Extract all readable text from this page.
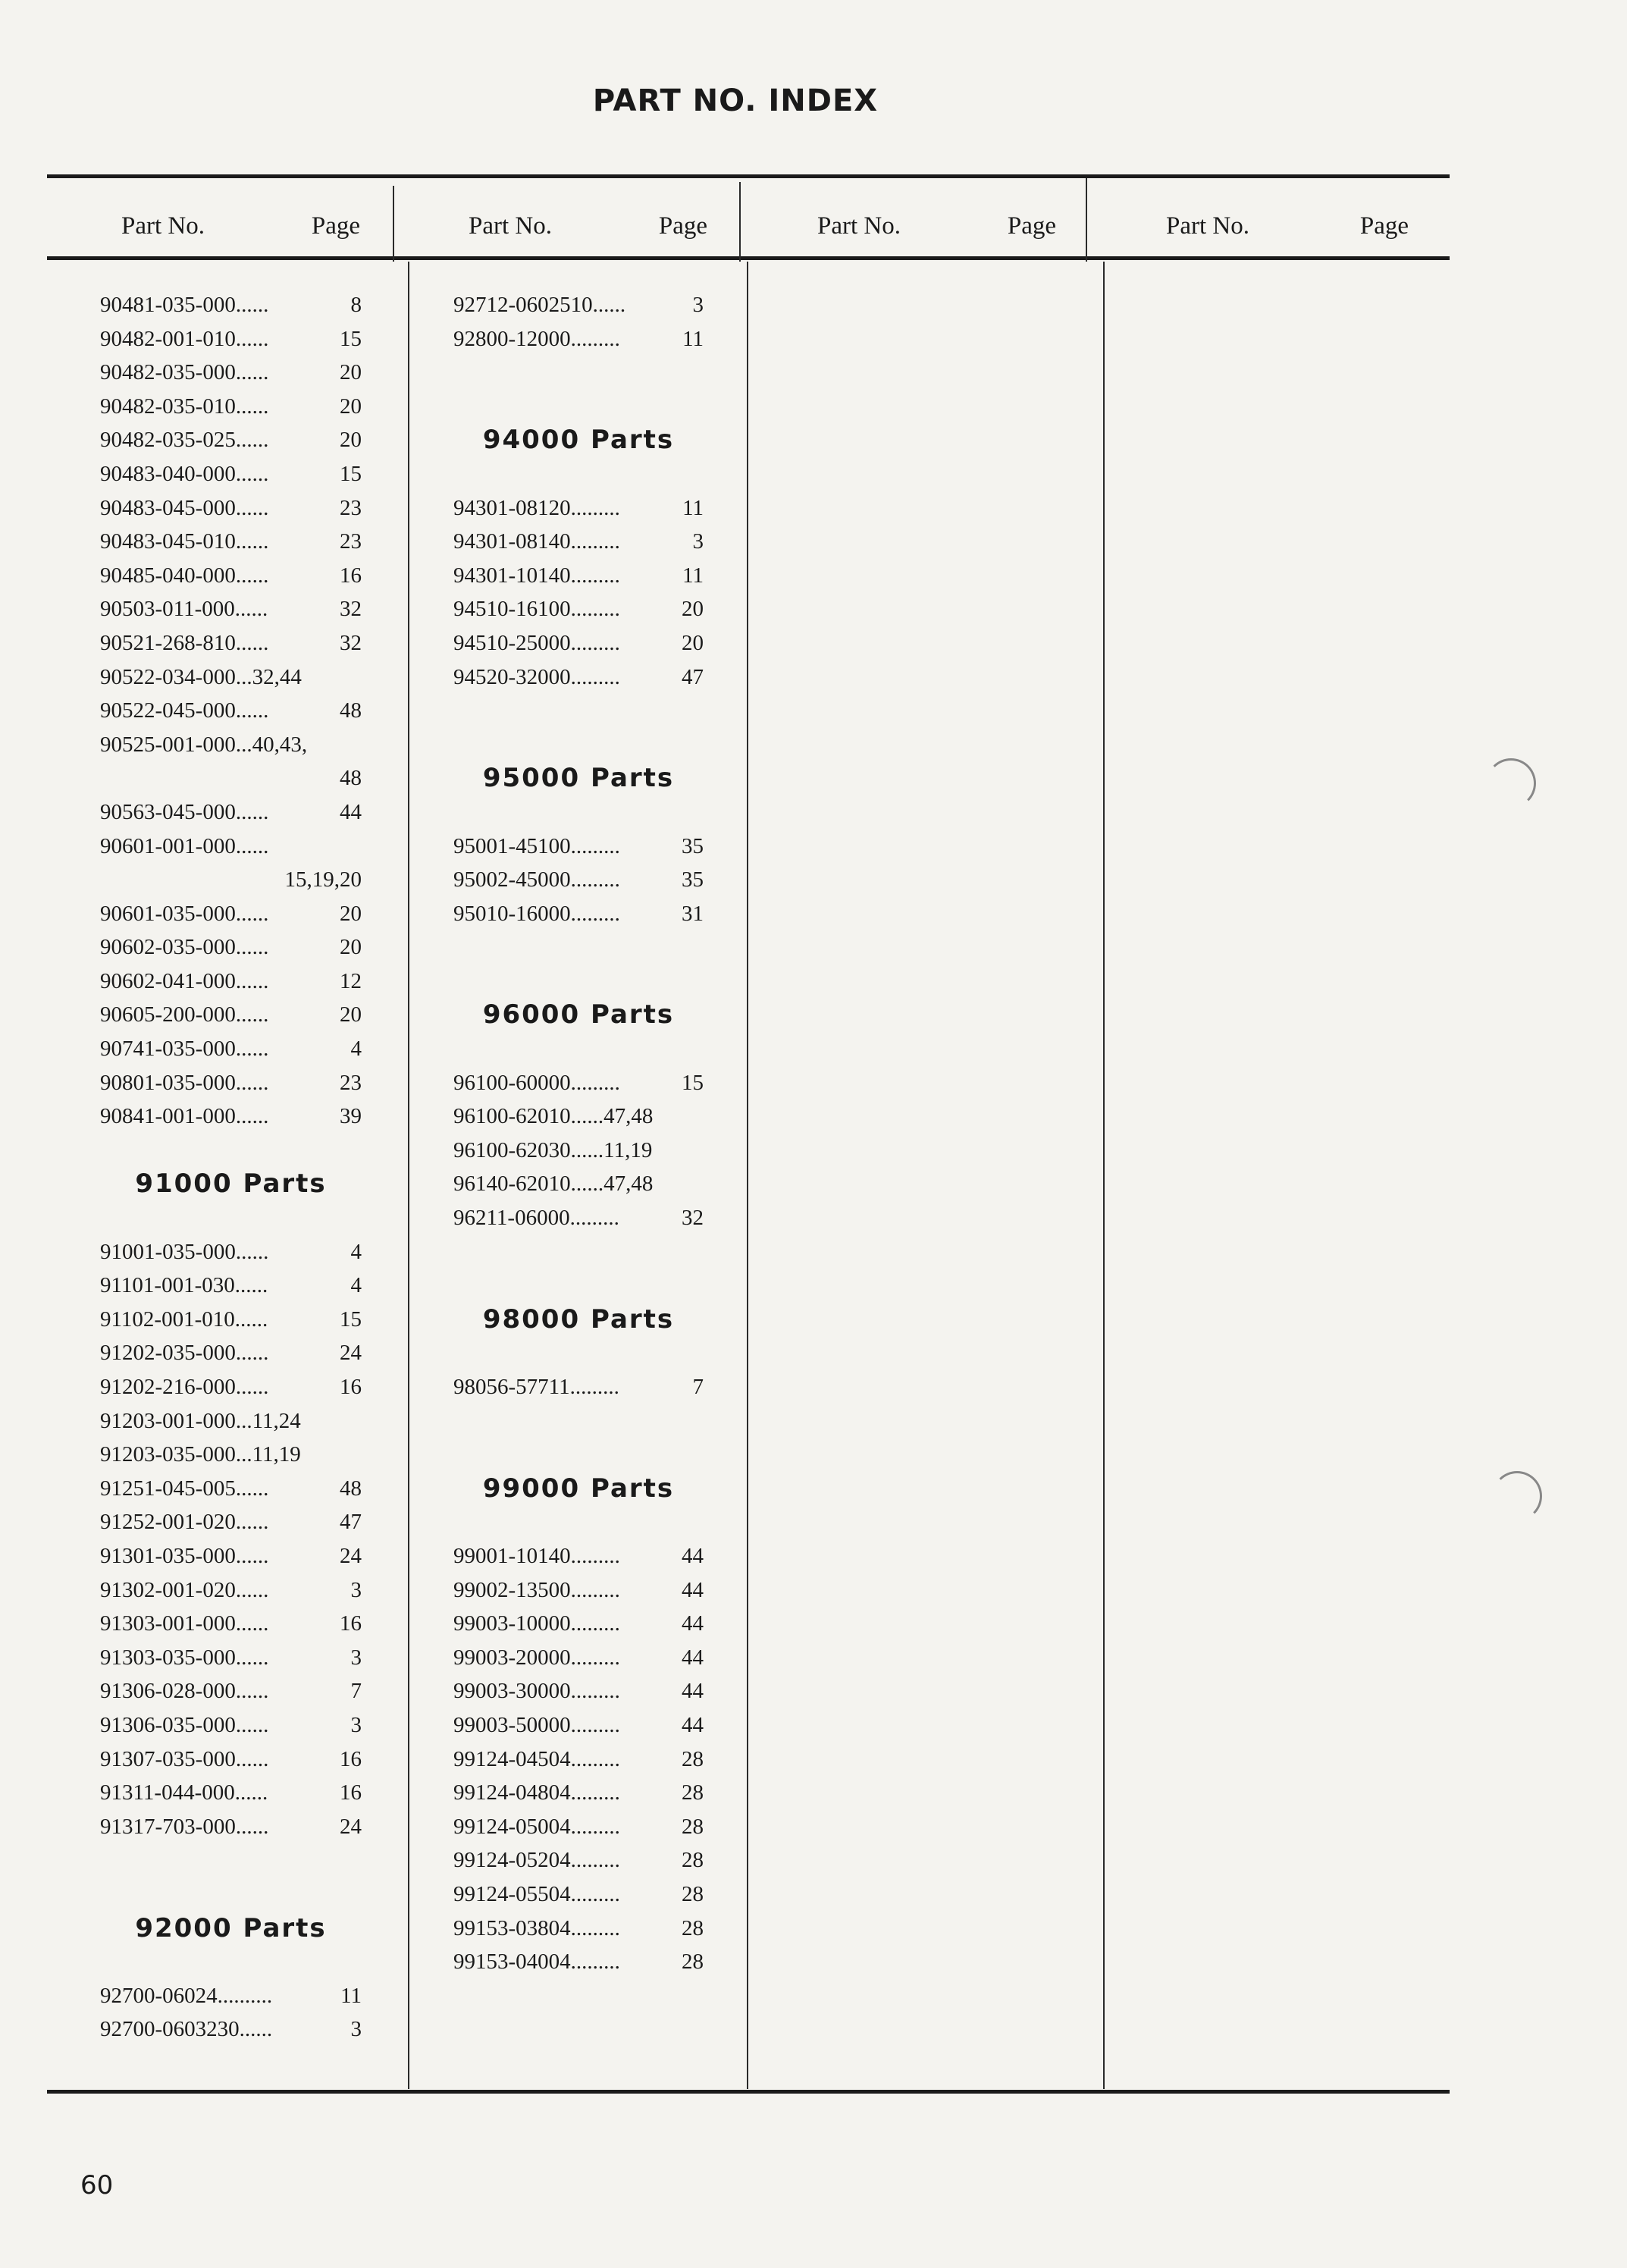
PART NO. INDEX
Part No.	Page	Part No.	Page	Part No.	Page	Part No.	Page
90481-035-000......	8
90482-001-010......	15
90482-035-000......	20
90482-035-010......	20
90482-035-025......	20
90483-040-000......	15
90483-045-000......	23
90483-045-010......	23
90485-040-000......	16
90503-011-000......	32
90521-268-810......	32
90522-034-000...32,44
90522-045-000......	48
90525-001-000...40,43,
48
90563-045-000......	44
90601-001-000......
15,19,20
90601-035-000......	20
90602-035-000......	20
90602-041-000......	12
90605-200-000......	20
90741-035-000......	4
90801-035-000......	23
90841-001-000......	39
91000 Parts
91001-035-000......	4
91101-001-030......	4
91102-001-010......	15
91202-035-000......	24
91202-216-000......	16
91203-001-000...11,24
91203-035-000...11,19
91251-045-005......	48
91252-001-020......	47
91301-035-000......	24
91302-001-020......	3
91303-001-000......	16
91303-035-000......	3
91306-028-000......	7
91306-035-000......	3
91307-035-000......	16
91311-044-000......	16
91317-703-000......	24
92000 Parts
92700-06024..........	11
92700-0603230......	3
92712-0602510......	3
92800-12000.........	11
94000 Parts
94301-08120.........	11
94301-08140.........	3
94301-10140.........	11
94510-16100.........	20
94510-25000.........	20
94520-32000.........	47
95000 Parts
95001-45100.........	35
95002-45000.........	35
95010-16000.........	31
96000 Parts
96100-60000.........	15
96100-62010......47,48
96100-62030......11,19
96140-62010......47,48
96211-06000.........	32
98000 Parts
98056-57711.........	7
99000 Parts
99001-10140.........	44
99002-13500.........	44
99003-10000.........	44
99003-20000.........	44
99003-30000.........	44
99003-50000.........	44
99124-04504.........	28
99124-04804.........	28
99124-05004.........	28
99124-05204.........	28
99124-05504.........	28
99153-03804.........	28
99153-04004.........	28
60
